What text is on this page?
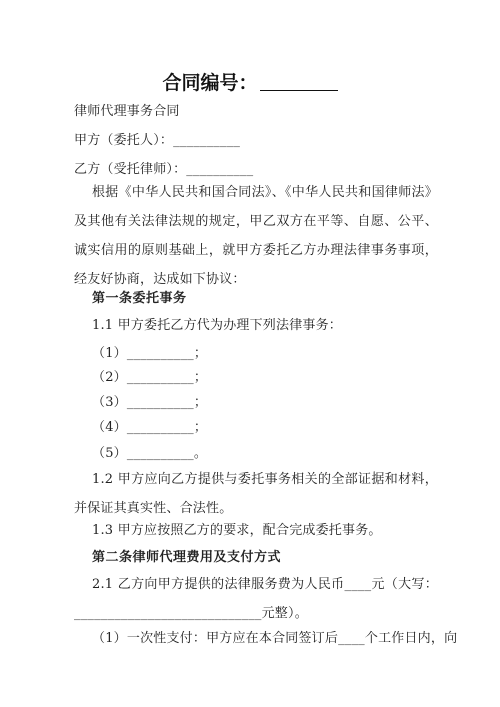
合同编号：
律师代理事务合同
甲方（委托人）：__________
乙方（受托律师）：__________
根据《中华人民共和国合同法》、《中华人民共和国律师法》及其他有关法律法规的规定，甲乙双方在平等、自愿、公平、诚实信用的原则基础上，就甲方委托乙方办理法律事务事项，经友好协商，达成如下协议：
第一条委托事务
1.1 甲方委托乙方代为办理下列法律事务：
（1）__________；
（2）__________；
（3）__________；
（4）__________；
（5）__________。
1.2 甲方应向乙方提供与委托事务相关的全部证据和材料，并保证其真实性、合法性。
1.3 甲方应按照乙方的要求，配合完成委托事务。
第二条律师代理费用及支付方式
2.1 乙方向甲方提供的法律服务费为人民币____元（大写：____________________________元整）。
（1）一次性支付：甲方应在本合同签订后____个工作日内，向
